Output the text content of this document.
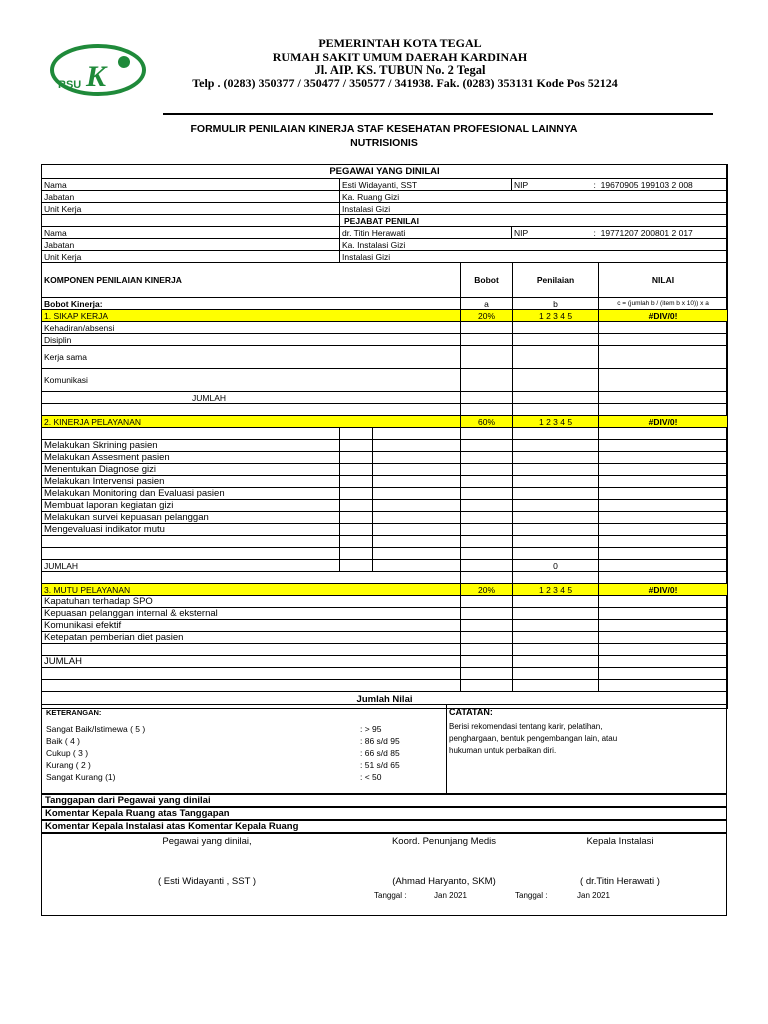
RSU K
PEMERINTAH KOTA TEGAL
RUMAH SAKIT UMUM DAERAH KARDINAH
Jl. AIP. KS. TUBUN No. 2 Tegal
Telp . (0283) 350377 / 350477 / 350577 / 341938. Fak. (0283) 353131 Kode Pos 52124
FORMULIR PENILAIAN KINERJA STAF KESEHATAN PROFESIONAL LAINNYA
NUTRISIONIS
PEGAWAI YANG DINILAI			
Nama	Esti Widayanti, SST	NIP	: 19670905 199103 2 008
Jabatan	Ka. Ruang Gizi		
Unit Kerja	Instalasi Gizi		
	PEJABAT PENILAI		
Nama	dr. Titin Herawati	NIP	: 19771207 200801 2 017
Jabatan	Ka. Instalasi Gizi		
Unit Kerja	Instalasi Gizi		
KOMPONEN PENILAIAN KINERJA			Bobot	Penilaian	NILAI	
Bobot Kinerja:			a	b	c = (jumlah b / (item b x 10)) x a	
1. SIKAP KERJA			20%	1 2 3 4 5	#DIV/0!	
Kehadiran/absensi						
Disiplin						
Kerja sama						
Komunikasi						
JUMLAH						

2. KINERJA PELAYANAN			60%	1 2 3 4 5	#DIV/0!	

Melakukan Skrining pasien						
Melakukan Assesment pasien						
Menentukan Diagnose gizi						
Melakukan Intervensi pasien						
Melakukan Monitoring dan Evaluasi pasien						
Membuat laporan kegiatan gizi						
Melakukan survei kepuasan pelanggan						
Mengevaluasi indikator mutu						

JUMLAH				0		

3. MUTU PELAYANAN			20%	1 2 3 4 5	#DIV/0!	
Kapatuhan terhadap SPO						
Kepuasan pelanggan internal & eksternal						
Komunikasi efektif						
Ketepatan pemberian diet pasien						

JUMLAH						

Jumlah Nilai	
KETERANGAN:
Sangat Baik/Istimewa ( 5 )	: > 95
Baik ( 4 )	: 86 s/d 95
Cukup ( 3 )	: 66 s/d 85
Kurang ( 2 )	: 51 s/d 65
Sangat Kurang (1)	: < 50
CATATAN:
Berisi rekomendasi tentang karir, pelatihan,
penghargaan, bentuk pengembangan lain, atau
hukuman untuk perbaikan diri.
Tanggapan dari Pegawai yang dinilai
Komentar Kepala Ruang atas Tanggapan
Komentar Kepala Instalasi atas Komentar Kepala Ruang
Pegawai yang dinilai,
( Esti Widayanti , SST )
Koord. Penunjang Medis
(Ahmad Haryanto, SKM)
Tanggal :	Jan 2021
Kepala Instalasi
( dr.Titin Herawati )
Tanggal :	Jan 2021
